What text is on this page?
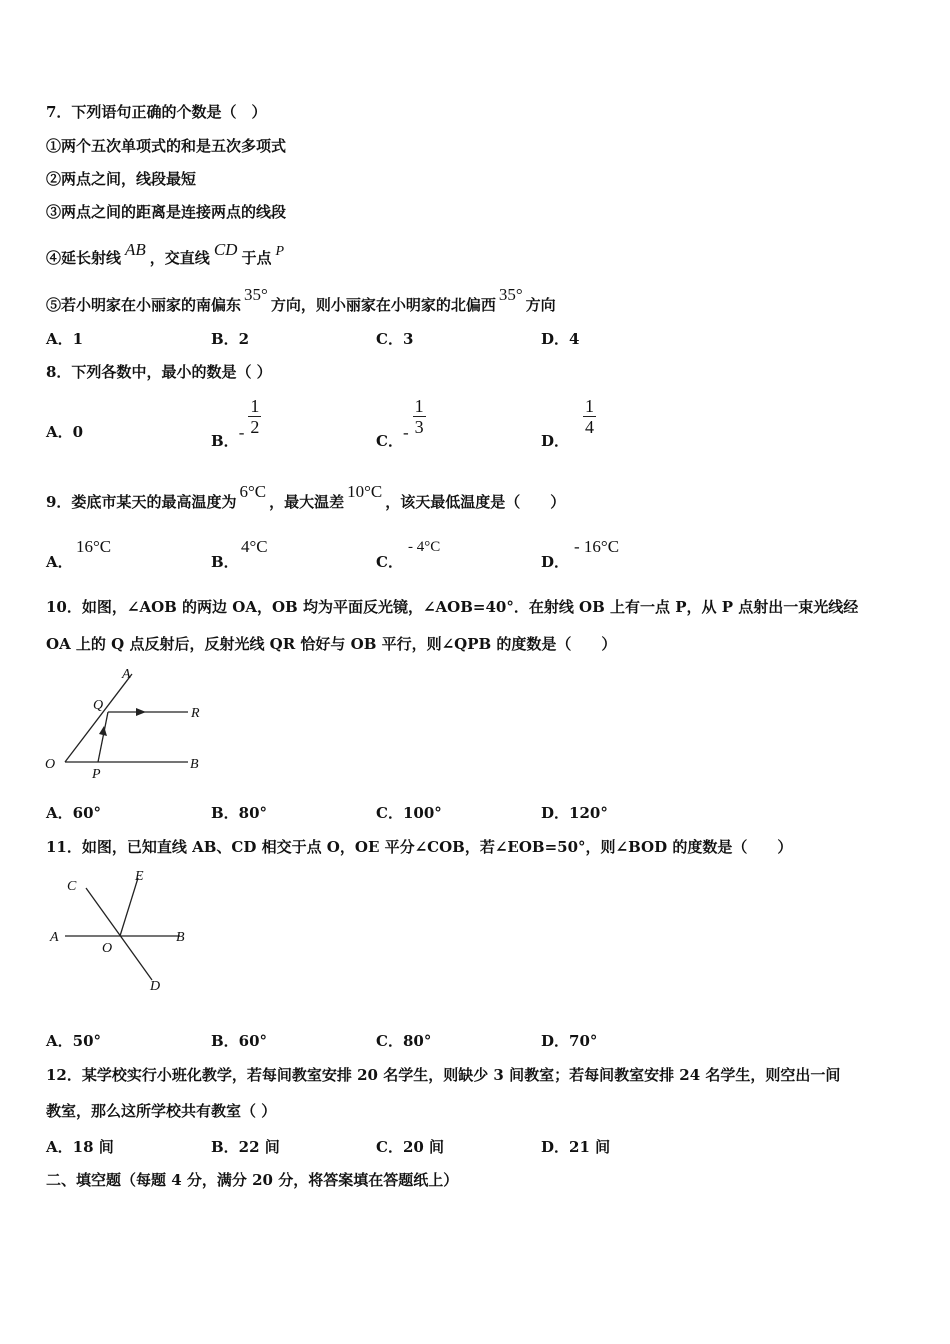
7．下列语句正确的个数是（　）
①两个五次单项式的和是五次多项式
②两点之间，线段最短
③两点之间的距离是连接两点的线段
④延长射线 AB ，交直线 CD 于点 P
⑤若小明家在小丽家的南偏东35°方向，则小丽家在小明家的北偏西35°方向
A．1	B．2	C．3	D．4
8．下列各数中，最小的数是（ ）
A．0	B．- $\frac{1}{2}$
C．- $\frac{1}{3}$
D．
$\frac{1}{4}$
9．娄底市某天的最高温度为6°C，最大温差10°C，该天最低温度是（　　）
A．
16°C
B．
4°C
C．
- 4°C
D．
- 16°C
10．如图，∠AOB 的两边 OA，OB 均为平面反光镜，∠AOB=40°．在射线 OB 上有一点 P，从 P 点射出一束光线经
OA 上的 Q 点反射后，反射光线 QR 恰好与 OB 平行，则∠QPB 的度数是（　　）
A
Q
R
O
P
B
A．60°	B．80°	C．100°	D．120°
11．如图，已知直线 AB、CD 相交于点 O，OE 平分∠COB，若∠EOB=50°，则∠BOD 的度数是（　　）
C
E
A
O
B
D
A．50°	B．60°	C．80°	D．70°
12．某学校实行小班化教学，若每间教室安排 20 名学生，则缺少 3 间教室；若每间教室安排 24 名学生，则空出一间
教室，那么这所学校共有教室（ ）
A．18 间	B．22 间	C．20 间	D．21 间
二、填空题（每题 4 分，满分 20 分，将答案填在答题纸上）
